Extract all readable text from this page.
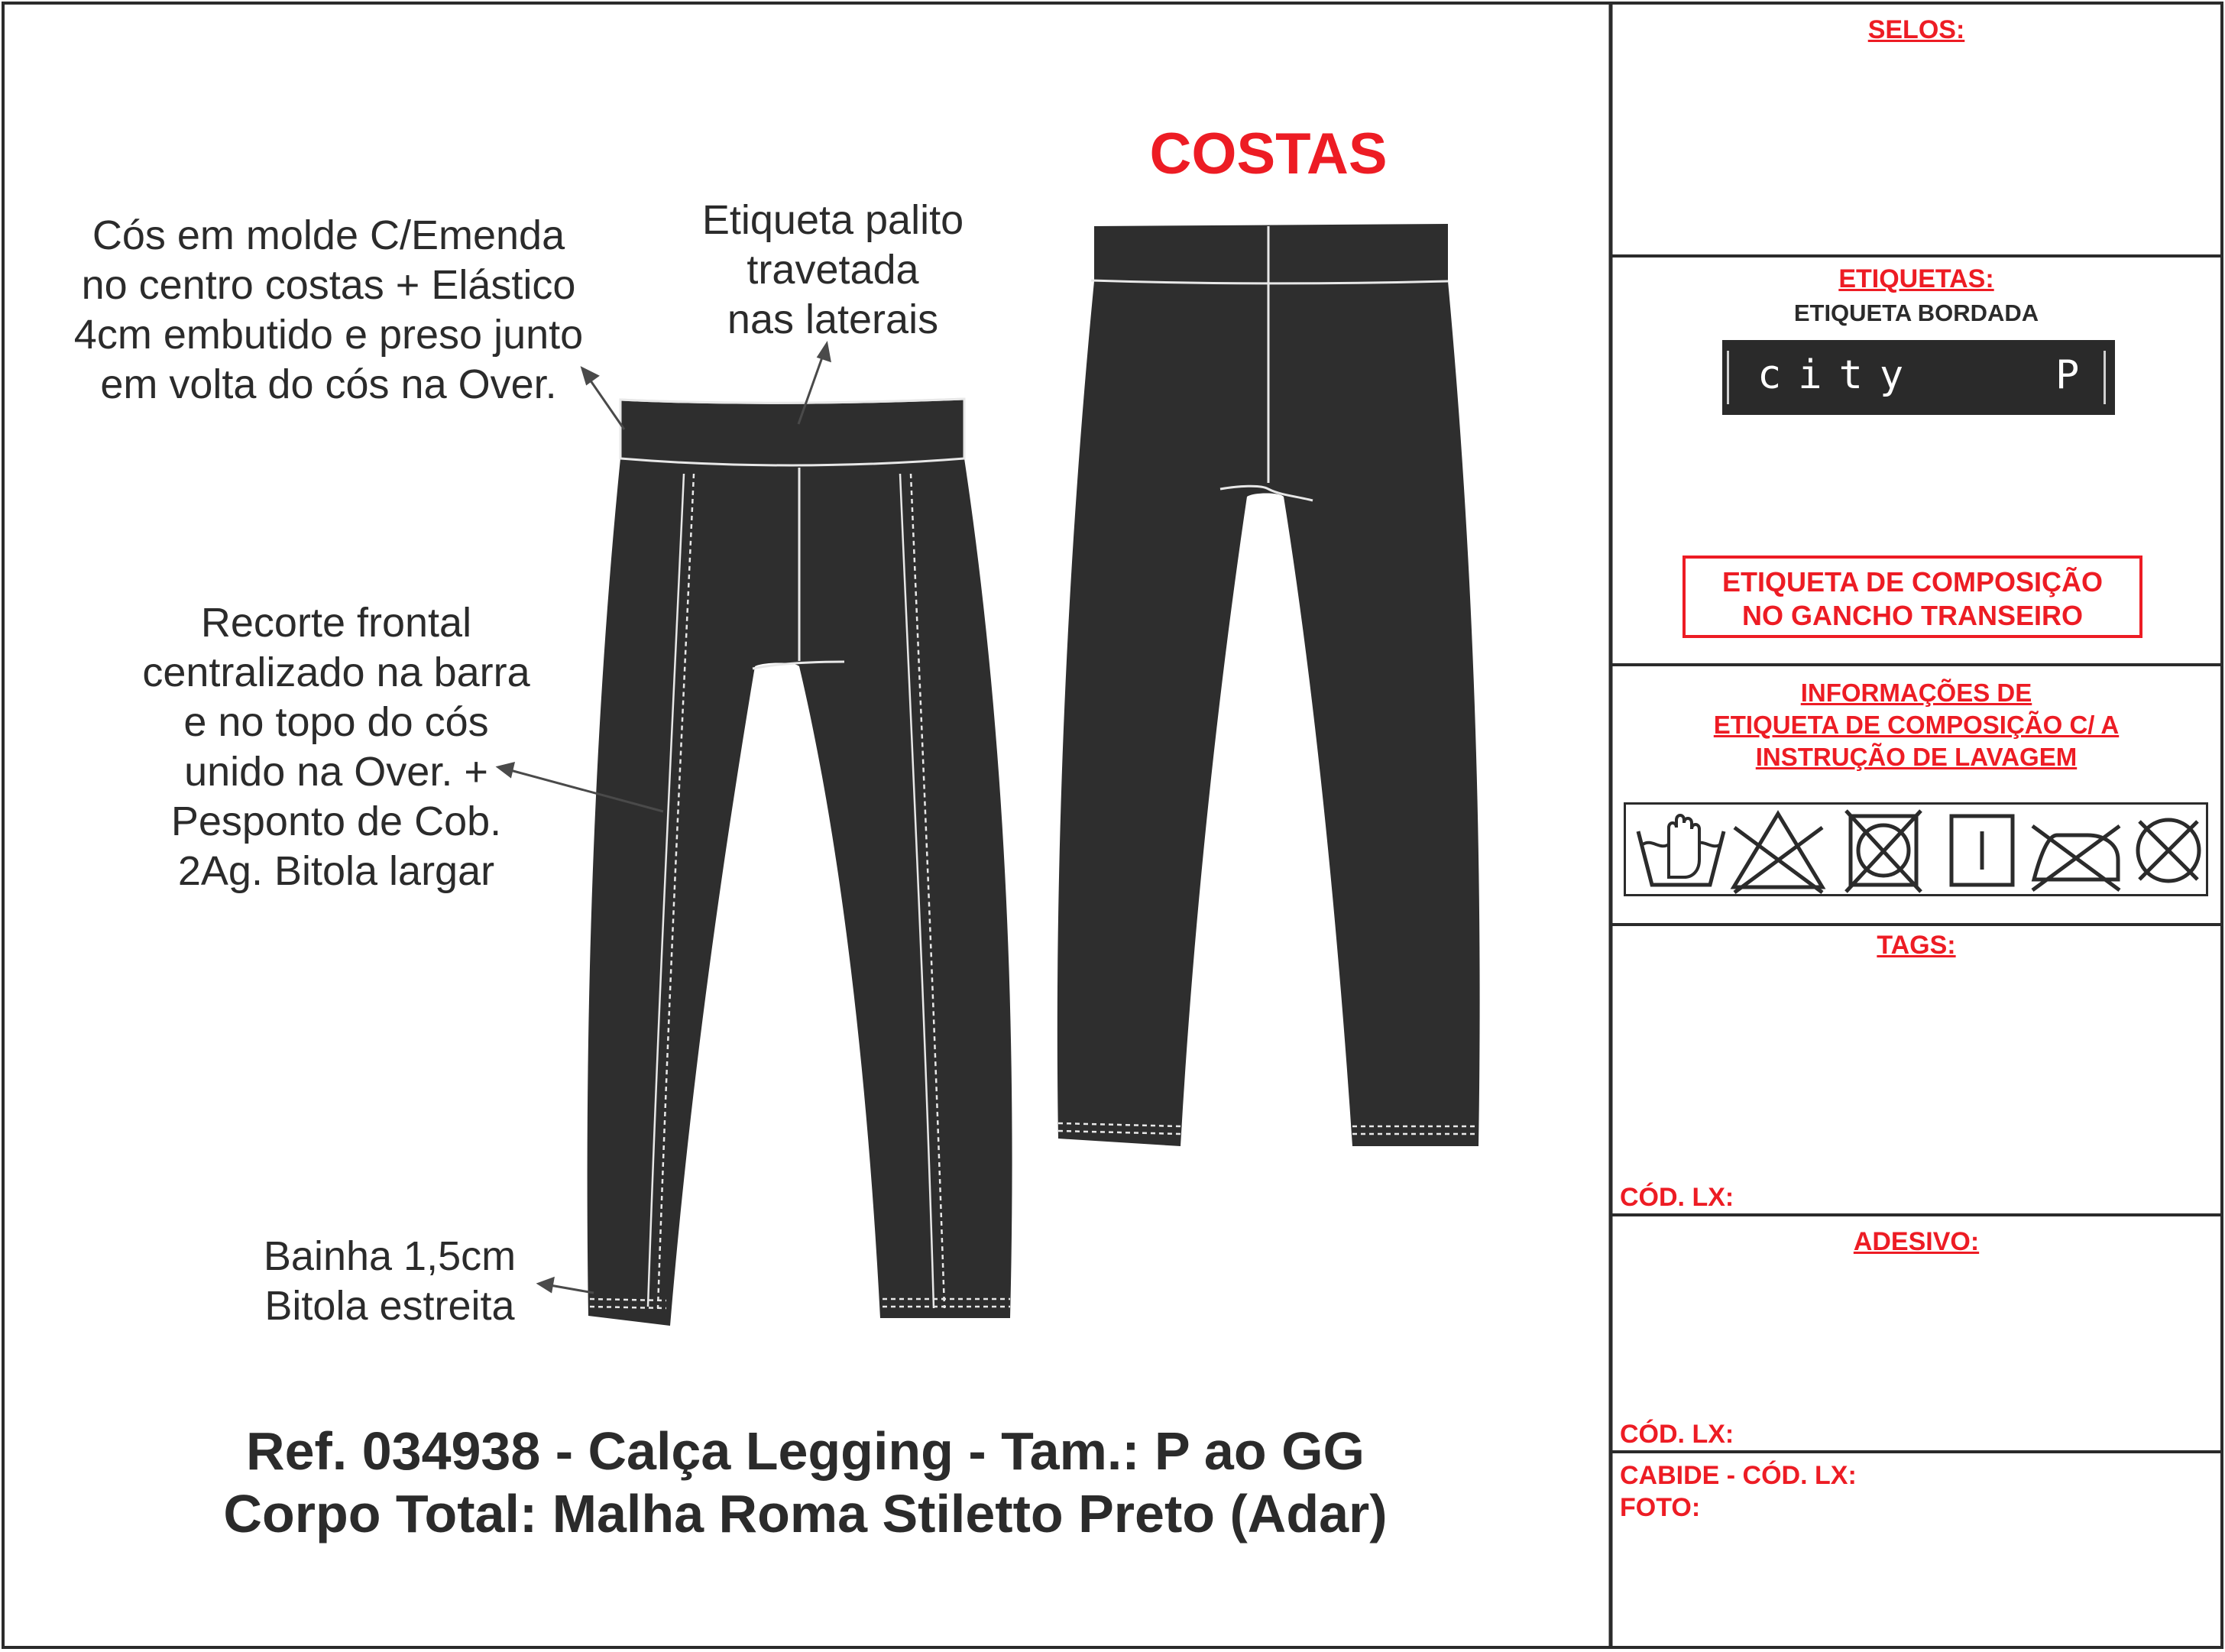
COSTAS
Cós em molde C/Emenda
no centro costas + Elástico
4cm embutido e preso junto
em volta do cós na Over.
Etiqueta palito
travetada
nas laterais
Recorte frontal
centralizado na barra
e no topo do cós
unido na Over. +
Pesponto de Cob.
2Ag. Bitola largar
Bainha 1,5cm
Bitola estreita
Ref. 034938 - Calça Legging - Tam.: P ao GG
Corpo Total: Malha Roma Stiletto Preto (Adar)
SELOS:
ETIQUETAS:
ETIQUETA BORDADA
city	P
ETIQUETA DE COMPOSIÇÃO
NO GANCHO TRANSEIRO
INFORMAÇÕES DE
ETIQUETA DE COMPOSIÇÃO C/ A
INSTRUÇÃO DE LAVAGEM
TAGS:
CÓD. LX:
ADESIVO:
CÓD. LX:
CABIDE - CÓD. LX:
FOTO:
